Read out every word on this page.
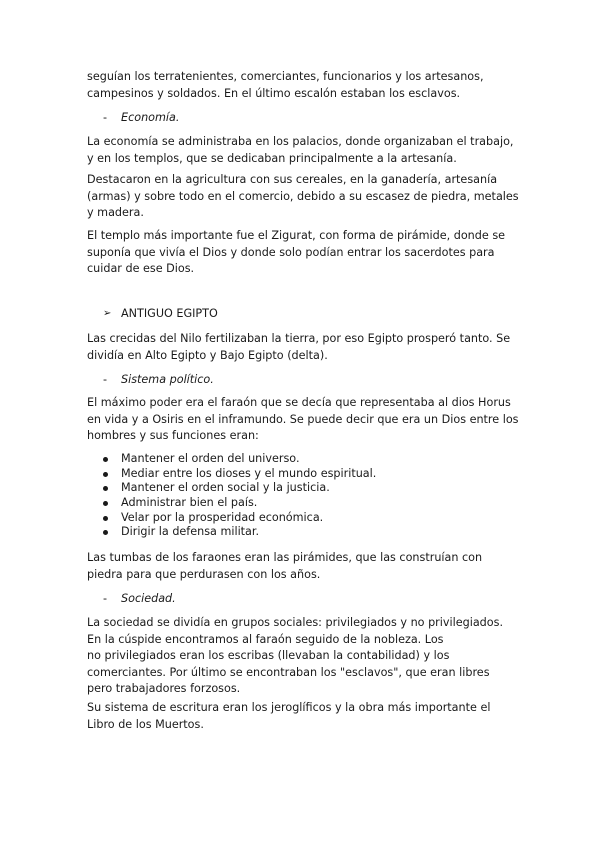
seguían los terratenientes, comerciantes, funcionarios y los artesanos,
campesinos y soldados. En el último escalón estaban los esclavos.

- Economía.

La economía se administraba en los palacios, donde organizaban el trabajo,
y en los templos, que se dedicaban principalmente a la artesanía.

Destacaron en la agricultura con sus cereales, en la ganadería, artesanía
(armas) y sobre todo en el comercio, debido a su escasez de piedra, metales
y madera.

El templo más importante fue el Zigurat, con forma de pirámide, donde se
suponía que vivía el Dios y donde solo podían entrar los sacerdotes para
cuidar de ese Dios.

➢ ANTIGUO EGIPTO

Las crecidas del Nilo fertilizaban la tierra, por eso Egipto prosperó tanto. Se
dividía en Alto Egipto y Bajo Egipto (delta).

- Sistema político.

El máximo poder era el faraón que se decía que representaba al dios Horus
en vida y a Osiris en el inframundo. Se puede decir que era un Dios entre los
hombres y sus funciones eran:

Mantener el orden del universo.
Mediar entre los dioses y el mundo espiritual.
Mantener el orden social y la justicia.
Administrar bien el país.
Velar por la prosperidad económica.
Dirigir la defensa militar.

Las tumbas de los faraones eran las pirámides, que las construían con
piedra para que perdurasen con los años.

- Sociedad.

La sociedad se dividía en grupos sociales: privilegiados y no privilegiados.
En la cúspide encontramos al faraón seguido de la nobleza. Los
no privilegiados eran los escribas (llevaban la contabilidad) y los
comerciantes. Por último se encontraban los "esclavos", que eran libres
pero trabajadores forzosos.

Su sistema de escritura eran los jeroglíficos y la obra más importante el
Libro de los Muertos.
